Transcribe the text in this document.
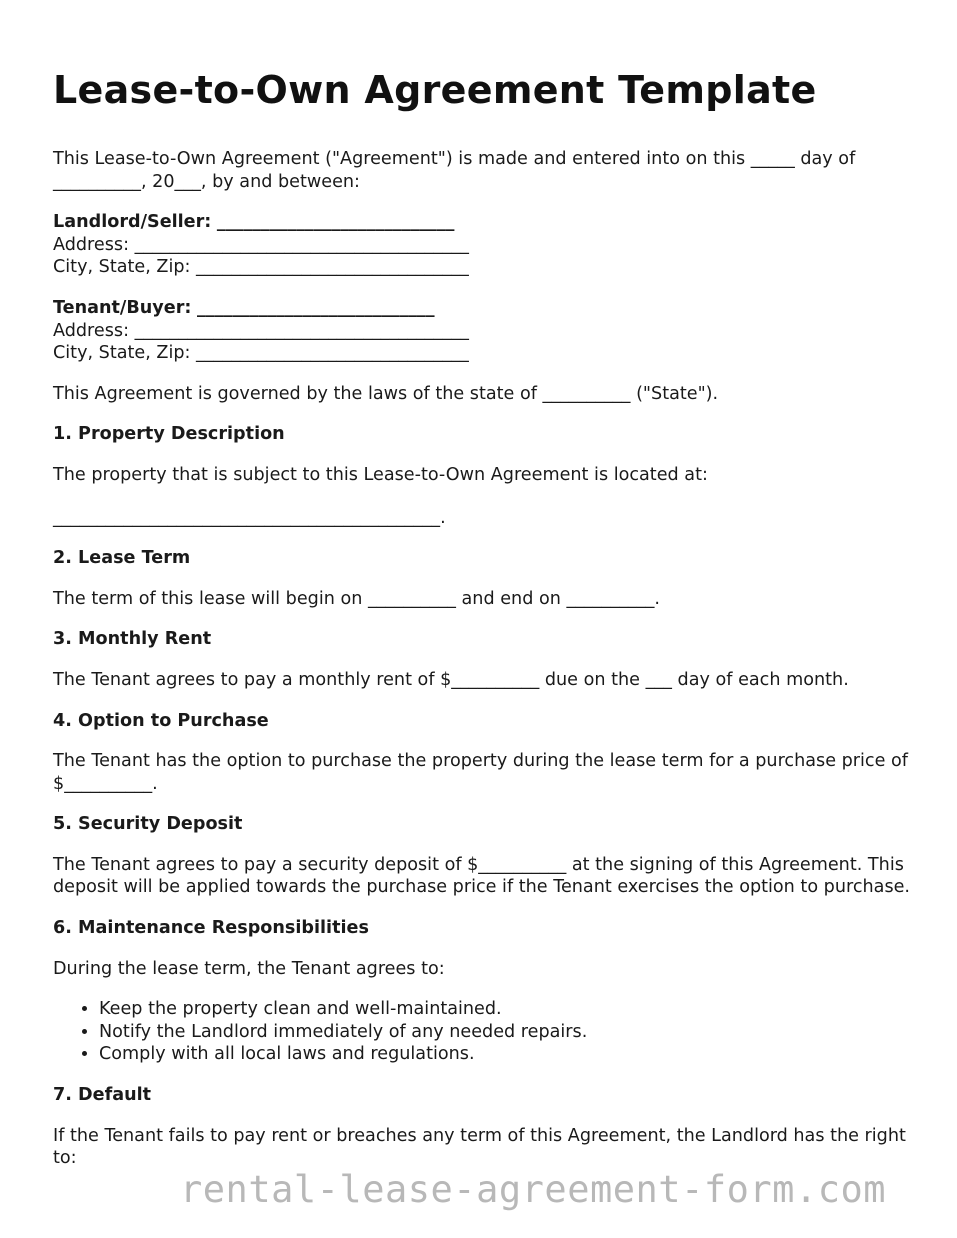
Lease-to-Own Agreement Template

This Lease-to-Own Agreement ("Agreement") is made and entered into on this _____ day of __________, 20___, by and between:

Landlord/Seller: ___________________________

Address: ______________________________________

City, State, Zip: _______________________________

Tenant/Buyer: ___________________________

Address: ______________________________________

City, State, Zip: _______________________________

This Agreement is governed by the laws of the state of __________ ("State").

1. Property Description

The property that is subject to this Lease-to-Own Agreement is located at:

____________________________________________.

2. Lease Term

The term of this lease will begin on __________ and end on __________.

3. Monthly Rent

The Tenant agrees to pay a monthly rent of $__________ due on the ___ day of each month.

4. Option to Purchase

The Tenant has the option to purchase the property during the lease term for a purchase price of $__________.

5. Security Deposit

The Tenant agrees to pay a security deposit of $__________ at the signing of this Agreement. This deposit will be applied towards the purchase price if the Tenant exercises the option to purchase.

6. Maintenance Responsibilities

During the lease term, the Tenant agrees to:

• Keep the property clean and well-maintained.
• Notify the Landlord immediately of any needed repairs.
• Comply with all local laws and regulations.
7. Default

If the Tenant fails to pay rent or breaches any term of this Agreement, the Landlord has the right to:

rental-lease-agreement-form.com
